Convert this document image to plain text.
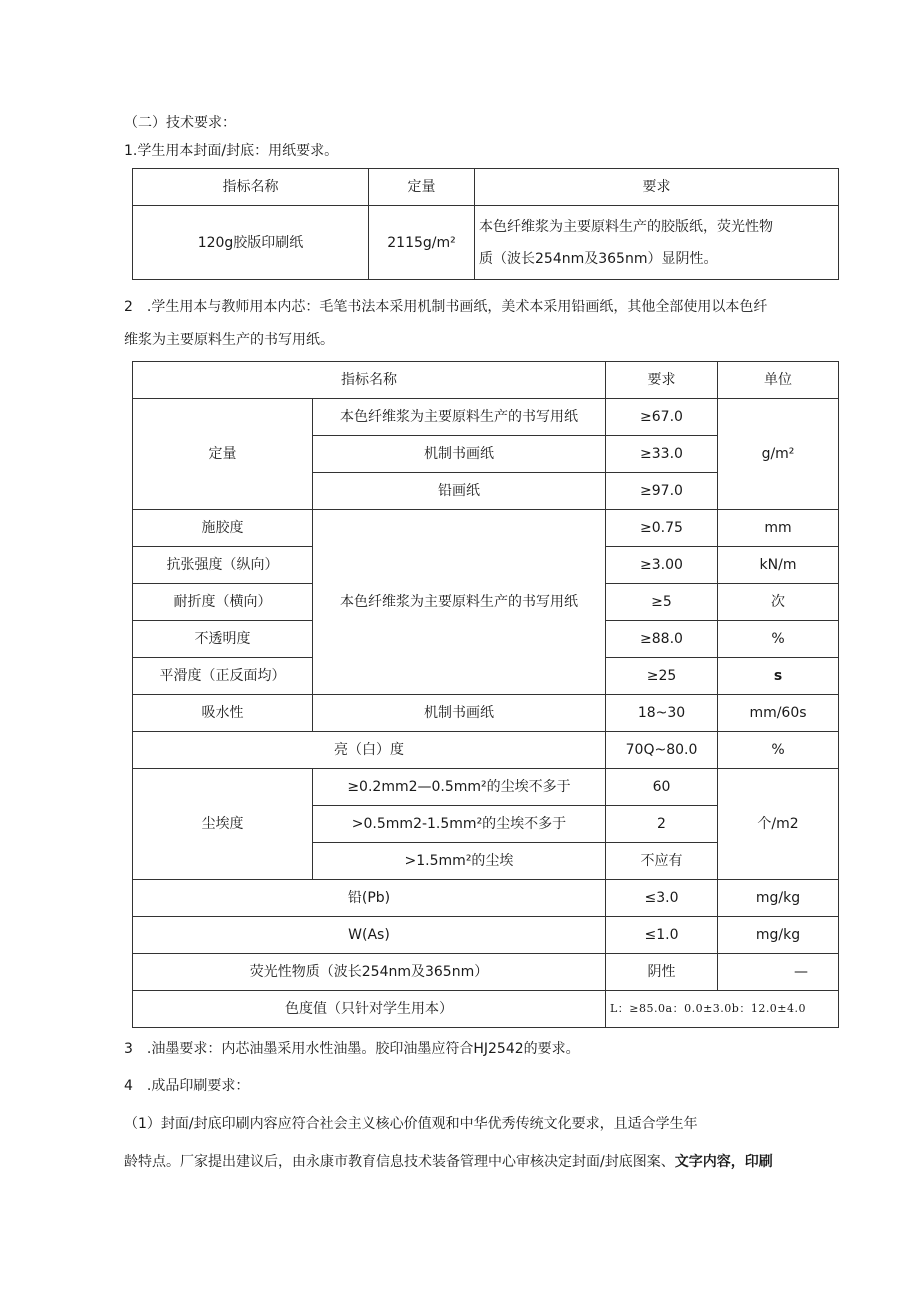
（二）技术要求：

1.学生用本封面/封底：用纸要求。

指标名称	定量	要求
120g胶版印刷纸	2115g/m²	本色纤维浆为主要原料生产的胶版纸，荧光性物
质（波长254nm及365nm）显阴性。

2　.学生用本与教师用本内芯：毛笔书法本采用机制书画纸，美术本采用铅画纸，其他全部使用以本色纤

维浆为主要原料生产的书写用纸。

指标名称		要求	单位
定量	本色纤维浆为主要原料生产的书写用纸	≥67.0	g/m²
	机制书画纸	≥33.0	
	铅画纸	≥97.0	
施胶度	本色纤维浆为主要原料生产的书写用纸	≥0.75	mm
抗张强度（纵向）		≥3.00	kN/m
耐折度（横向）		≥5	次
不透明度		≥88.0	%
平滑度（正反面均）		≥25	s
吸水性	机制书画纸	18~30	mm/60s
亮（白）度		70Q~80.0	%
尘埃度	≥0.2mm2—0.5mm²的尘埃不多于	60	个/m2
	>0.5mm2-1.5mm²的尘埃不多于	2	
	>1.5mm²的尘埃	不应有	
铅(Pb)		≤3.0	mg/kg
W(As)		≤1.0	mg/kg
荧光性物质（波长254nm及365nm）		阴性	—
色度值（只针对学生用本）		L：≥85.0a：0.0±3.0b：12.0±4.0	

3　.油墨要求：内芯油墨采用水性油墨。胶印油墨应符合HJ2542的要求。

4　.成品印刷要求：

（1）封面/封底印刷内容应符合社会主义核心价值观和中华优秀传统文化要求，且适合学生年

龄特点。厂家提出建议后，由永康市教育信息技术装备管理中心审核决定封面/封底图案、文字内容，印刷
